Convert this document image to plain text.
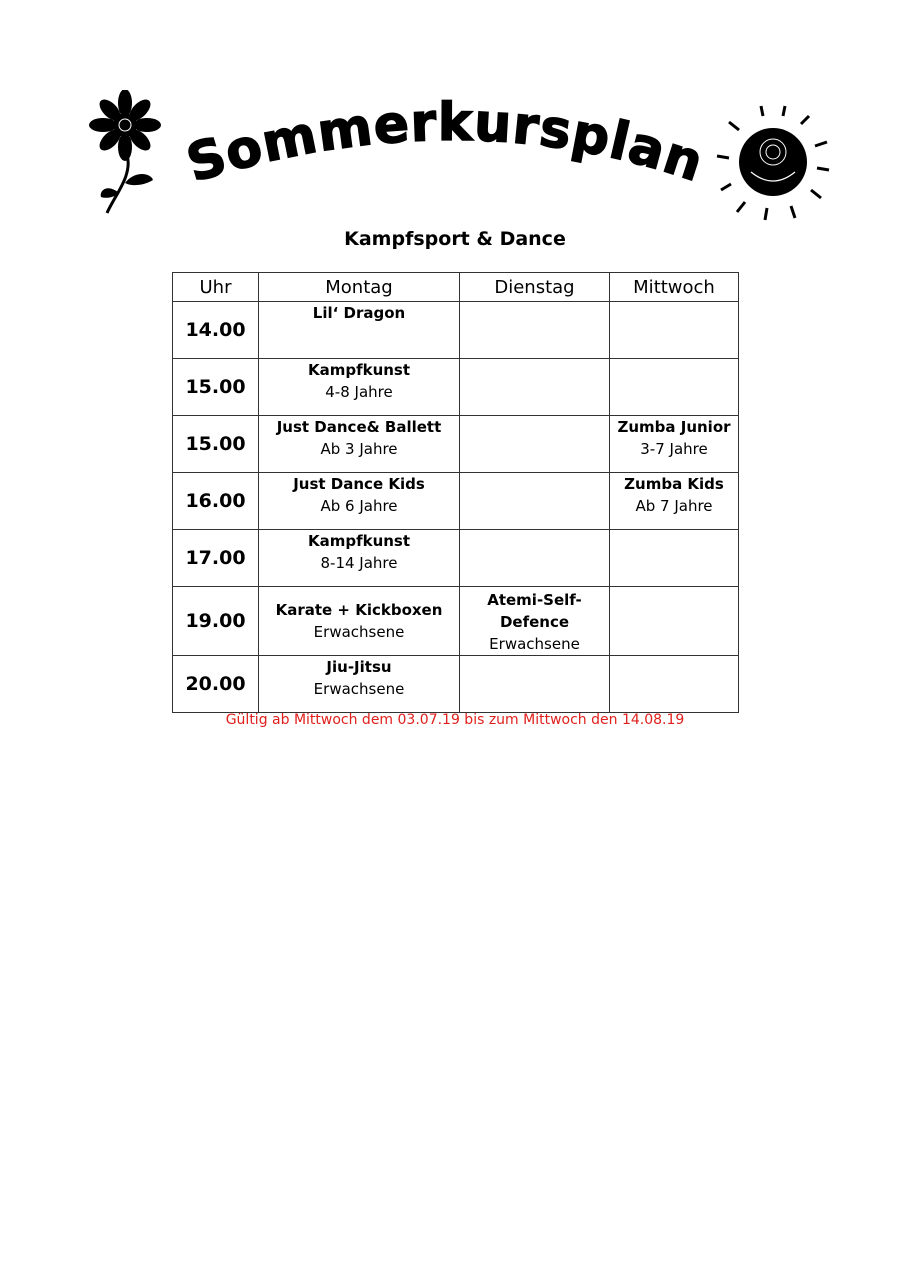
Sommerkursplan
Kampfsport & Dance
Uhr	Montag	Dienstag	Mittwoch
14.00	Lil‘ Dragon		

15.00	Kampfkunst
4-8 Jahre		

15.00	Just Dance& Ballett
Ab 3 Jahre		Zumba Junior
3-7 Jahre

16.00	Just Dance Kids
Ab 6 Jahre		Zumba Kids
Ab 7 Jahre

17.00	Kampfkunst
8-14 Jahre		

19.00	Karate + Kickboxen
Erwachsene	Atemi-Self-
Defence
Erwachsene	

20.00	Jiu-Jitsu
Erwachsene		

Gültig ab Mittwoch dem 03.07.19 bis zum Mittwoch den 14.08.19
